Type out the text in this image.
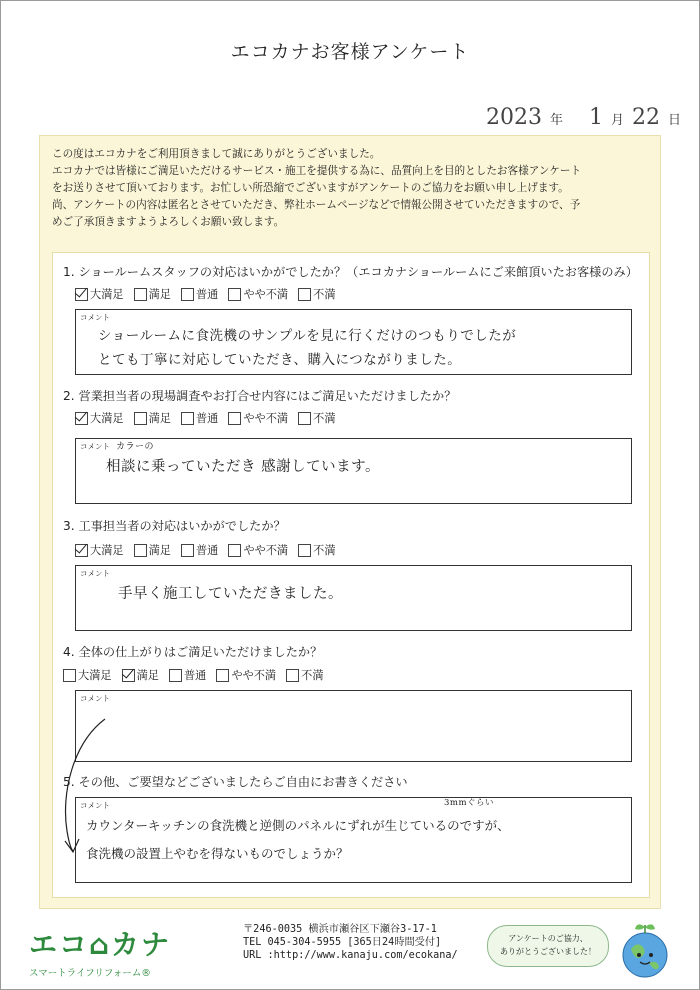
エコカナお客様アンケート
2023 年 1 月 22 日
この度はエコカナをご利用頂きまして誠にありがとうございました。
エコカナでは皆様にご満足いただけるサービス・施工を提供する為に、品質向上を目的としたお客様アンケート
をお送りさせて頂いております。お忙しい所恐縮でございますがアンケートのご協力をお願い申し上げます。
尚、アンケートの内容は匿名とさせていただき、弊社ホームページなどで情報公開させていただきますので、予
めご了承頂きますようよろしくお願い致します。
1. ショールームスタッフの対応はいかがでしたか？（エコカナショールームにご来館頂いたお客様のみ）
大満足 満足 普通 やや不満 不満
コメント
ショールームに食洗機のサンプルを見に行くだけのつもりでしたが
とても丁寧に対応していただき、購入につながりました。
2. 営業担当者の現場調査やお打合せ内容にはご満足いただけましたか？
大満足 満足 普通 やや不満 不満
コメント カラーの
相談に乗っていただき 感謝しています。
3. 工事担当者の対応はいかがでしたか？
大満足 満足 普通 やや不満 不満
コメント
手早く施工していただきました。
4. 全体の仕上がりはご満足いただけましたか？
大満足 満足 普通 やや不満 不満
コメント
5. その他、ご要望などございましたらご自由にお書きください
コメント	3mmぐらい
カウンターキッチンの食洗機と逆側のパネルにずれが生じているのですが、
食洗機の設置上やむを得ないものでしょうか？
エコ⌂カナ
スマートライフリフォーム®
〒246-0035 横浜市瀬谷区下瀬谷3-17-1
TEL 045-304-5955 [365日24時間受付]
URL :http://www.kanaju.com/ecokana/
アンケートのご協力、
ありがとうございました！
